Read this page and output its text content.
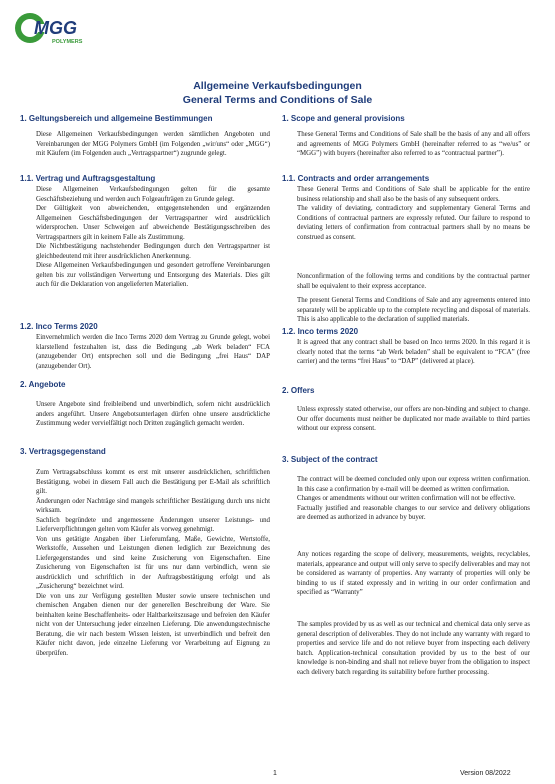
MGG
POLYMERS
Allgemeine Verkaufsbedingungen
General Terms and Conditions of Sale
1. Geltungsbereich und allgemeine Bestimmungen

Diese Allgemeinen Verkaufsbedingungen werden sämtlichen Angeboten und Vereinbarungen der MGG Polymers GmbH (im Folgenden „wir/uns“ oder „MGG“) mit Käufern (im Folgenden auch „Vertragspartner“) zugrunde gelegt.

1.1. Vertrag und Auftragsgestaltung

Diese Allgemeinen Verkaufsbedingungen gelten für die gesamte Geschäftsbeziehung und werden auch Folgeaufträgen zu Grunde gelegt.
Der Gültigkeit von abweichenden, entgegenstehenden und ergänzenden Allgemeinen Geschäftsbedingungen der Vertragspartner wird ausdrücklich widersprochen. Unser Schweigen auf abweichende Bestätigungsschreiben des Vertragspartners gilt in keinem Falle als Zustimmung.
Die Nichtbestätigung nachstehender Bedingungen durch den Vertragspartner ist gleichbedeutend mit ihrer ausdrücklichen Anerkennung.
Diese Allgemeinen Verkaufsbedingungen und gesondert getroffene Vereinbarungen gelten bis zur vollständigen Verwertung und Entsorgung des Materials. Dies gilt auch für die Deklaration von angelieferten Materialien.

1.2. Inco Terms 2020

Einvernehmlich werden die Inco Terms 2020 dem Vertrag zu Grunde gelegt, wobei klarstellend festzuhalten ist, dass die Bedingung „ab Werk beladen“ FCA (anzugebender Ort) entsprechen soll und die Bedingung „frei Haus“ DAP (anzugebender Ort).

2. Angebote

Unsere Angebote sind freibleibend und unverbindlich, sofern nicht ausdrücklich anders angeführt. Unsere Angebotsunterlagen dürfen ohne unsere ausdrückliche Zustimmung weder vervielfältigt noch Dritten zugänglich gemacht werden.

3. Vertragsgegenstand

Zum Vertragsabschluss kommt es erst mit unserer ausdrücklichen, schriftlichen Bestätigung, wobei in diesem Fall auch die Bestätigung per E-Mail als schriftlich gilt.
Änderungen oder Nachträge sind mangels schriftlicher Bestätigung durch uns nicht wirksam.
Sachlich begründete und angemessene Änderungen unserer Leistungs- und Lieferverpflichtungen gelten vom Käufer als vorweg genehmigt.
Von uns getätigte Angaben über Lieferumfang, Maße, Gewichte, Wertstoffe, Werkstoffe, Aussehen und Leistungen dienen lediglich zur Bezeichnung des Liefergegenstandes und sind keine Zusicherung von Eigenschaften. Eine Zusicherung von Eigenschaften ist für uns nur dann verbindlich, wenn sie ausdrücklich und schriftlich in der Auftragsbestätigung erfolgt und als „Zusicherung“ bezeichnet wird.
Die von uns zur Verfügung gestellten Muster sowie unsere technischen und chemischen Angaben dienen nur der generellen Beschreibung der Ware. Sie beinhalten keine Beschaffenheits- oder Haltbarkeitszusage und befreien den Käufer nicht von der Untersuchung jeder einzelnen Lieferung. Die anwendungstechnische Beratung, die wir nach bestem Wissen leisten, ist unverbindlich und befreit den Käufer nicht davon, jede einzelne Lieferung vor Verarbeitung auf Eignung zu überprüfen.

1. Scope and general provisions

These General Terms and Conditions of Sale shall be the basis of any and all offers and agreements of MGG Polymers GmbH (hereinafter referred to as “we/us” or “MGG”) with buyers (hereinafter also referred to as “contractual partner”).

1.1. Contracts and order arrangements

These General Terms and Conditions of Sale shall be applicable for the entire business relationship and shall also be the basis of any subsequent orders.
The validity of deviating, contradictory and supplementary General Terms and Conditions of contractual partners are expressly refuted. Our failure to respond to deviating letters of confirmation from contractual partners shall by no means be construed as consent.

Nonconfirmation of the following terms and conditions by the contractual partner shall be equivalent to their express acceptance.

The present General Terms and Conditions of Sale and any agreements entered into separately will be applicable up to the complete recycling and disposal of materials. This is also applicable to the declaration of supplied materials.

1.2. Inco terms 2020

It is agreed that any contract shall be based on Inco terms 2020. In this regard it is clearly noted that the terms “ab Werk beladen” shall be equivalent to “FCA” (free carrier) and the terms “frei Haus” to “DAP” (delivered at place).

2. Offers

Unless expressly stated otherwise, our offers are non-binding and subject to change. Our offer documents must neither be duplicated nor made available to third parties without our express consent.

3. Subject of the contract

The contract will be deemed concluded only upon our express written confirmation. In this case a confirmation by e-mail will be deemed as written confirmation.
Changes or amendments without our written confirmation will not be effective.
Factually justified and reasonable changes to our service and delivery obligations are deemed as authorized in advance by buyer.

Any notices regarding the scope of delivery, measurements, weights, recyclables, materials, appearance and output will only serve to specify deliverables and may not be considered as warranty of properties. Any warranty of properties will only be binding to us if stated expressly and in writing in our order confirmation and specified as “Warranty”

The samples provided by us as well as our technical and chemical data only serve as general description of deliverables. They do not include any warranty with regard to properties and service life and do not relieve buyer from inspecting each delivery batch. Application-technical consultation provided by us to the best of our knowledge is non-binding and shall not relieve buyer from the obligation to inspect each delivery batch regarding its suitability before further processing.

1	Version 08/2022
